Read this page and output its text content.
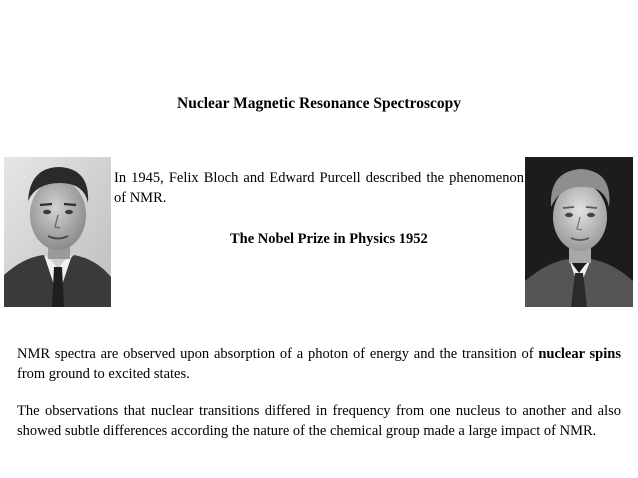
Nuclear Magnetic Resonance Spectroscopy
In 1945, Felix Bloch and Edward Purcell described the phenomenon of NMR.
The Nobel Prize in Physics 1952

NMR spectra are observed upon absorption of a photon of energy and the transition of nuclear spins from ground to excited states.

The observations that nuclear transitions differed in frequency from one nucleus to another and also showed subtle differences according the nature of the chemical group made a large impact of NMR.
